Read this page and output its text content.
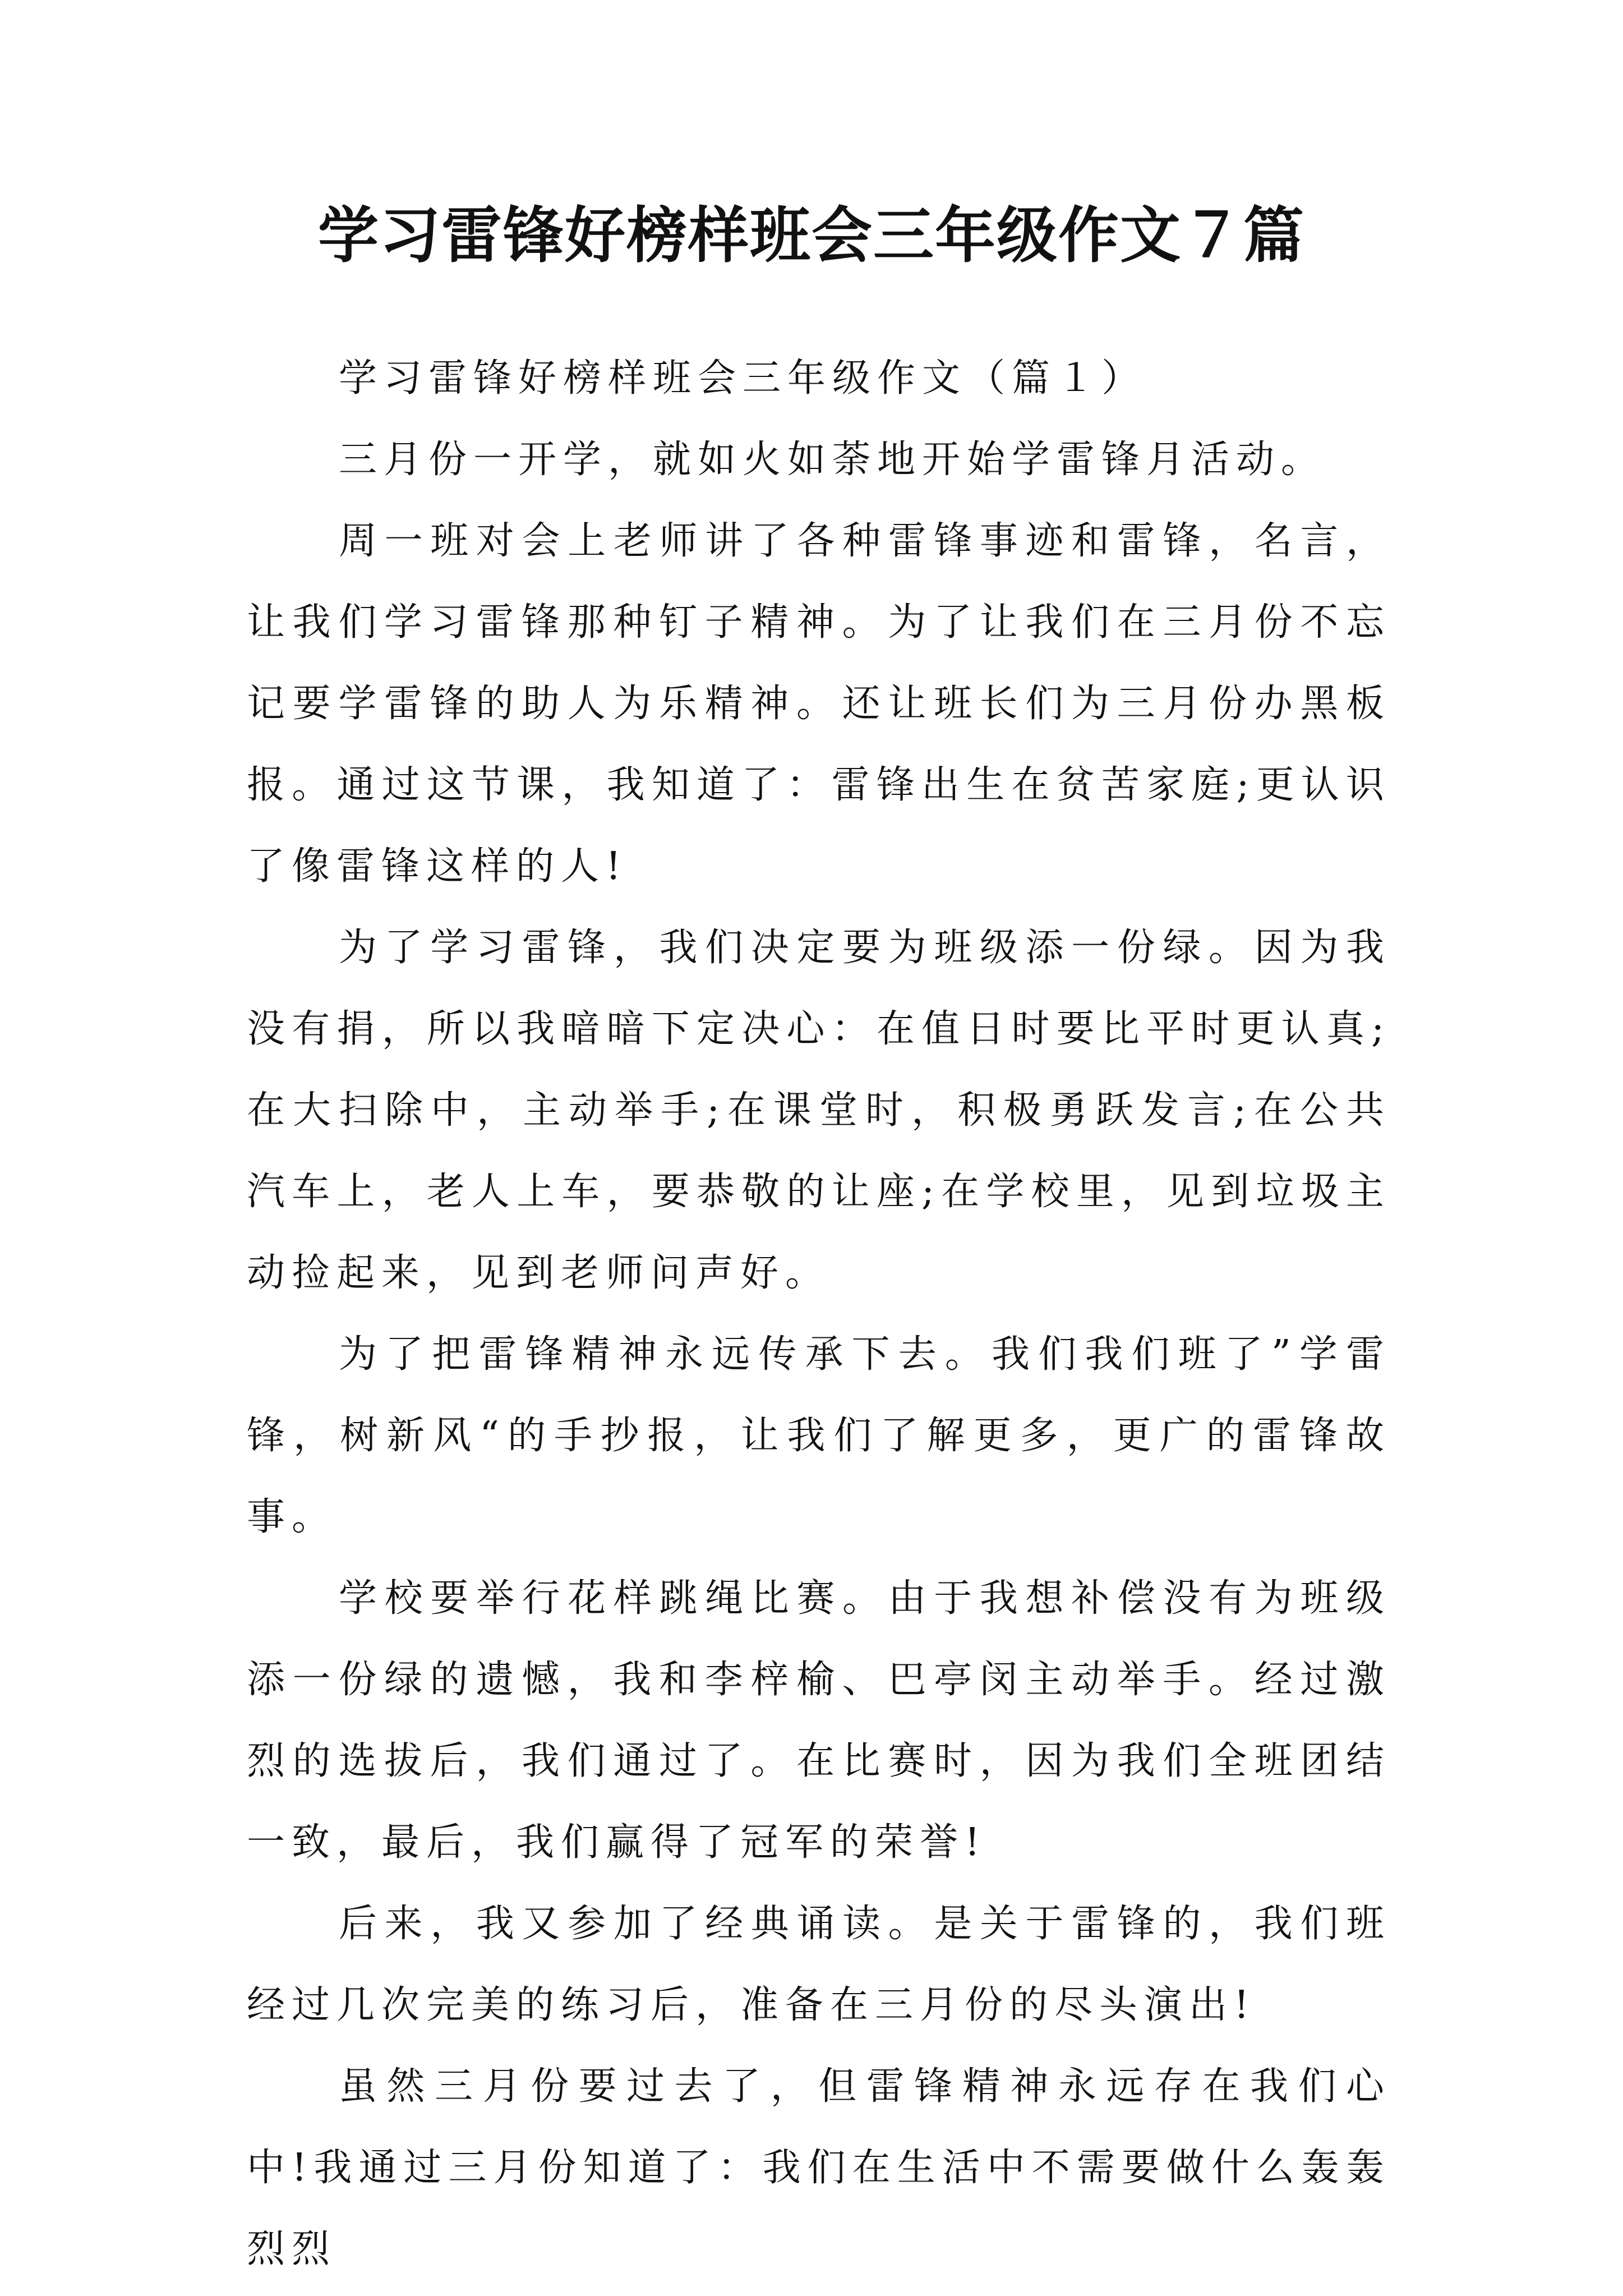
学习雷锋好榜样班会三年级作文７篇

学习雷锋好榜样班会三年级作文（篇１）

三月份一开学，就如火如荼地开始学雷锋月活动。

周一班对会上老师讲了各种雷锋事迹和雷锋，名言，让我们学习雷锋那种钉子精神。为了让我们在三月份不忘记要学雷锋的助人为乐精神。还让班长们为三月份办黑板报。通过这节课，我知道了：雷锋出生在贫苦家庭;更认识了像雷锋这样的人!

为了学习雷锋，我们决定要为班级添一份绿。因为我没有捐，所以我暗暗下定决心：在值日时要比平时更认真;在大扫除中，主动举手;在课堂时，积极勇跃发言;在公共汽车上，老人上车，要恭敬的让座;在学校里，见到垃圾主动捡起来，见到老师问声好。

为了把雷锋精神永远传承下去。我们我们班了”学雷锋，树新风“的手抄报，让我们了解更多，更广的雷锋故事。

学校要举行花样跳绳比赛。由于我想补偿没有为班级添一份绿的遗憾，我和李梓榆、巴亭闵主动举手。经过激烈的选拔后，我们通过了。在比赛时，因为我们全班团结一致，最后，我们赢得了冠军的荣誉!

后来，我又参加了经典诵读。是关于雷锋的，我们班经过几次完美的练习后，准备在三月份的尽头演出!

虽然三月份要过去了，但雷锋精神永远存在我们心中!我通过三月份知道了：我们在生活中不需要做什么轰轰烈烈
